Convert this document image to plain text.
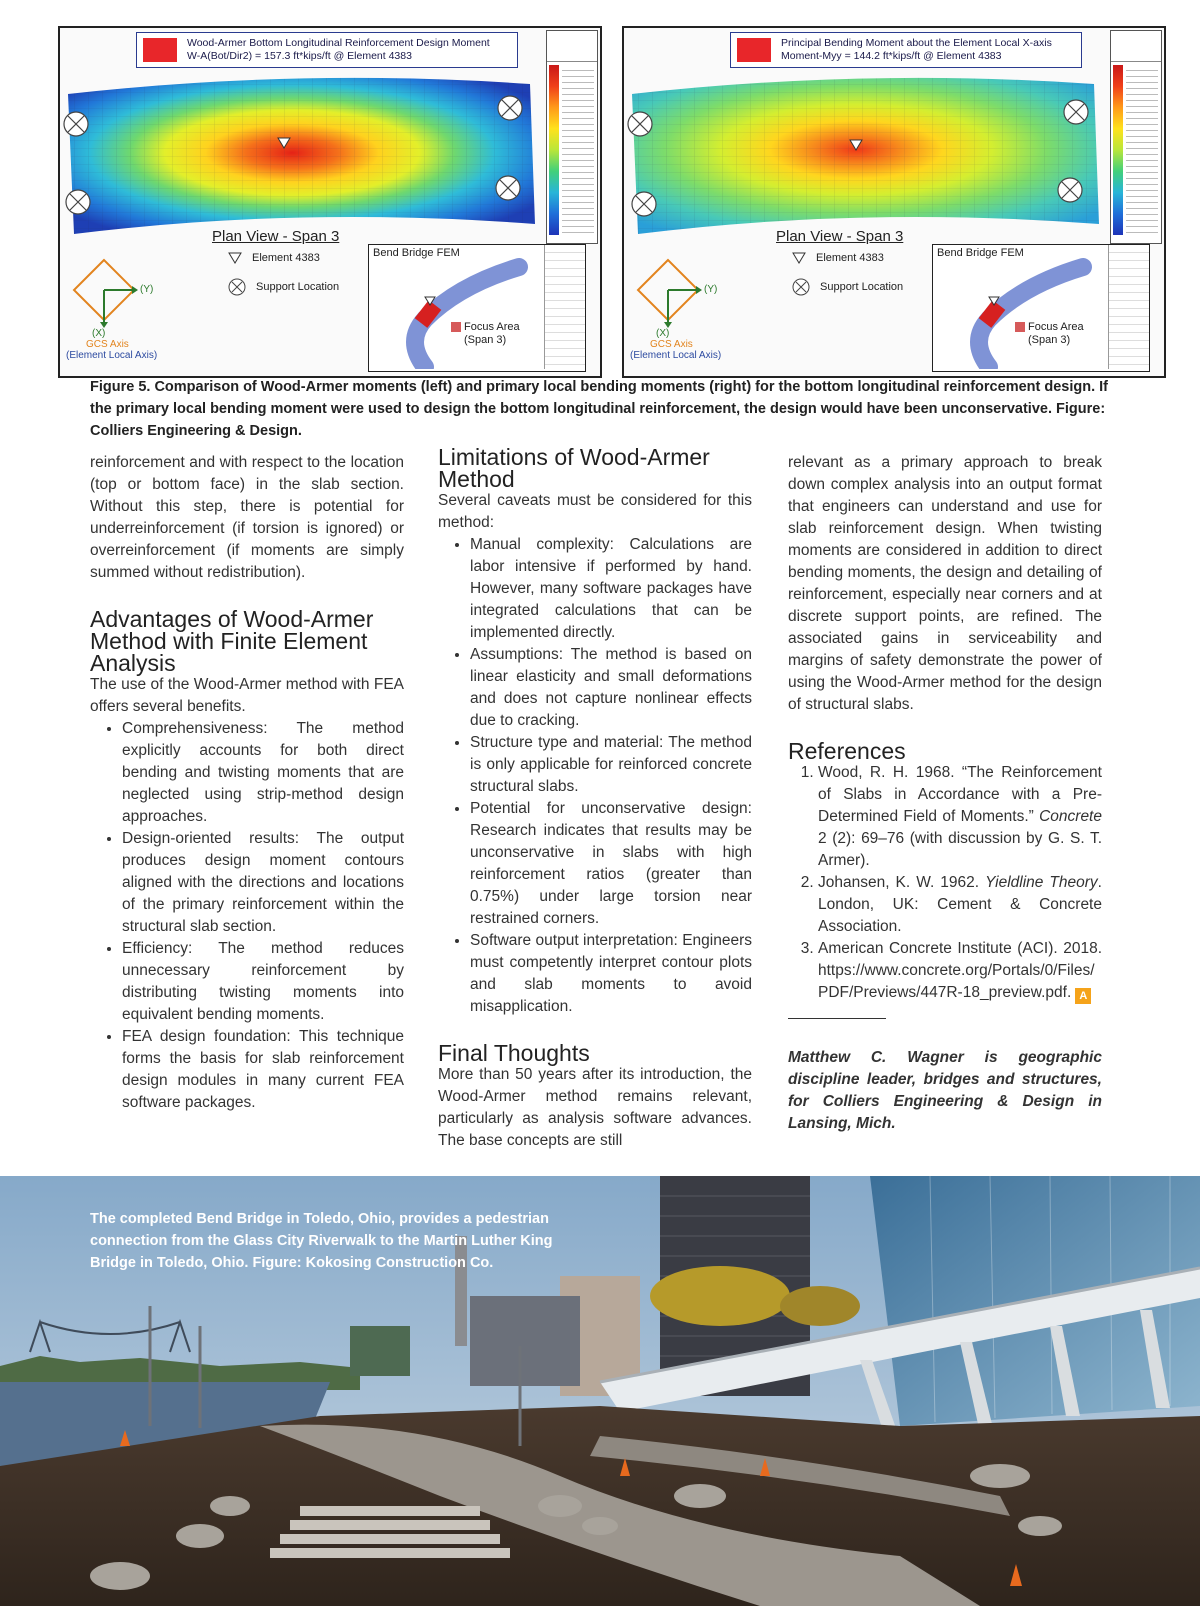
Wood-Armer Bottom Longitudinal Reinforcement Design Moment
W-A(Bot/Dir2) = 157.3 ft*kips/ft @ Element 4383
Plan View - Span 3
Element 4383
Support Location
(Y)
(X)
GCS Axis
(Element Local Axis)
Bend Bridge FEM
Focus Area
(Span 3)
Principal Bending Moment about the Element Local X-axis
Moment-Myy = 144.2 ft*kips/ft @ Element 4383
Plan View - Span 3
Element 4383
Support Location
(Y)
(X)
GCS Axis
(Element Local Axis)
Bend Bridge FEM
Focus Area
(Span 3)

Figure 5. Comparison of Wood-Armer moments (left) and primary local bending moments (right) for the bottom longitudinal reinforcement design. If the primary local bending moment were used to design the bottom longitudinal reinforcement, the design would have been unconservative. Figure: Colliers Engineering & Design.

reinforcement and with respect to the location (top or bottom face) in the slab section. Without this step, there is potential for underreinforcement (if torsion is ignored) or overreinforcement (if moments are simply summed without redistribution).

Advantages of Wood-Armer Method with Finite Element Analysis

The use of the Wood-Armer method with FEA offers several benefits.

• Comprehensiveness: The method explicitly accounts for both direct bending and twisting moments that are neglected using strip-method design approaches.
• Design-oriented results: The output produces design moment contours aligned with the directions and locations of the primary reinforcement within the structural slab section.
• Efficiency: The method reduces unnecessary reinforcement by distributing twisting moments into equivalent bending moments.
• FEA design foundation: This technique forms the basis for slab reinforcement design modules in many current FEA software packages.
Limitations of Wood-Armer Method

Several caveats must be considered for this method:

• Manual complexity: Calculations are labor intensive if performed by hand. However, many software packages have integrated calculations that can be implemented directly.
• Assumptions: The method is based on linear elasticity and small deformations and does not capture nonlinear effects due to cracking.
• Structure type and material: The method is only applicable for reinforced concrete structural slabs.
• Potential for unconservative design: Research indicates that results may be unconservative in slabs with high reinforcement ratios (greater than 0.75%) under large torsion near restrained corners.
• Software output interpretation: Engineers must competently interpret contour plots and slab moments to avoid misapplication.
Final Thoughts

More than 50 years after its introduction, the Wood-Armer method remains relevant, particularly as analysis software advances. The base concepts are still

relevant as a primary approach to break down complex analysis into an output format that engineers can understand and use for slab reinforcement design. When twisting moments are considered in addition to direct bending moments, the design and detailing of reinforcement, especially near corners and at discrete support points, are refined. The associated gains in serviceability and margins of safety demonstrate the power of using the Wood-Armer method for the design of structural slabs.

References
1. Wood, R. H. 1968. “The Reinforcement of Slabs in Accordance with a Pre-Determined Field of Moments.” Concrete 2 (2): 69–76 (with discussion by G. S. T. Armer).
2. Johansen, K. W. 1962. Yieldline Theory. London, UK: Cement & Concrete Association.
3. American Concrete Institute (ACI). 2018. https://www.concrete.org/Portals/0/Files/PDF/Previews/447R-18_preview.pdf. A

Matthew C. Wagner is geographic discipline leader, bridges and structures, for Colliers Engineering & Design in Lansing, Mich.

The completed Bend Bridge in Toledo, Ohio, provides a pedestrian connection from the Glass City Riverwalk to the Martin Luther King Bridge in Toledo, Ohio. Figure: Kokosing Construction Co.
